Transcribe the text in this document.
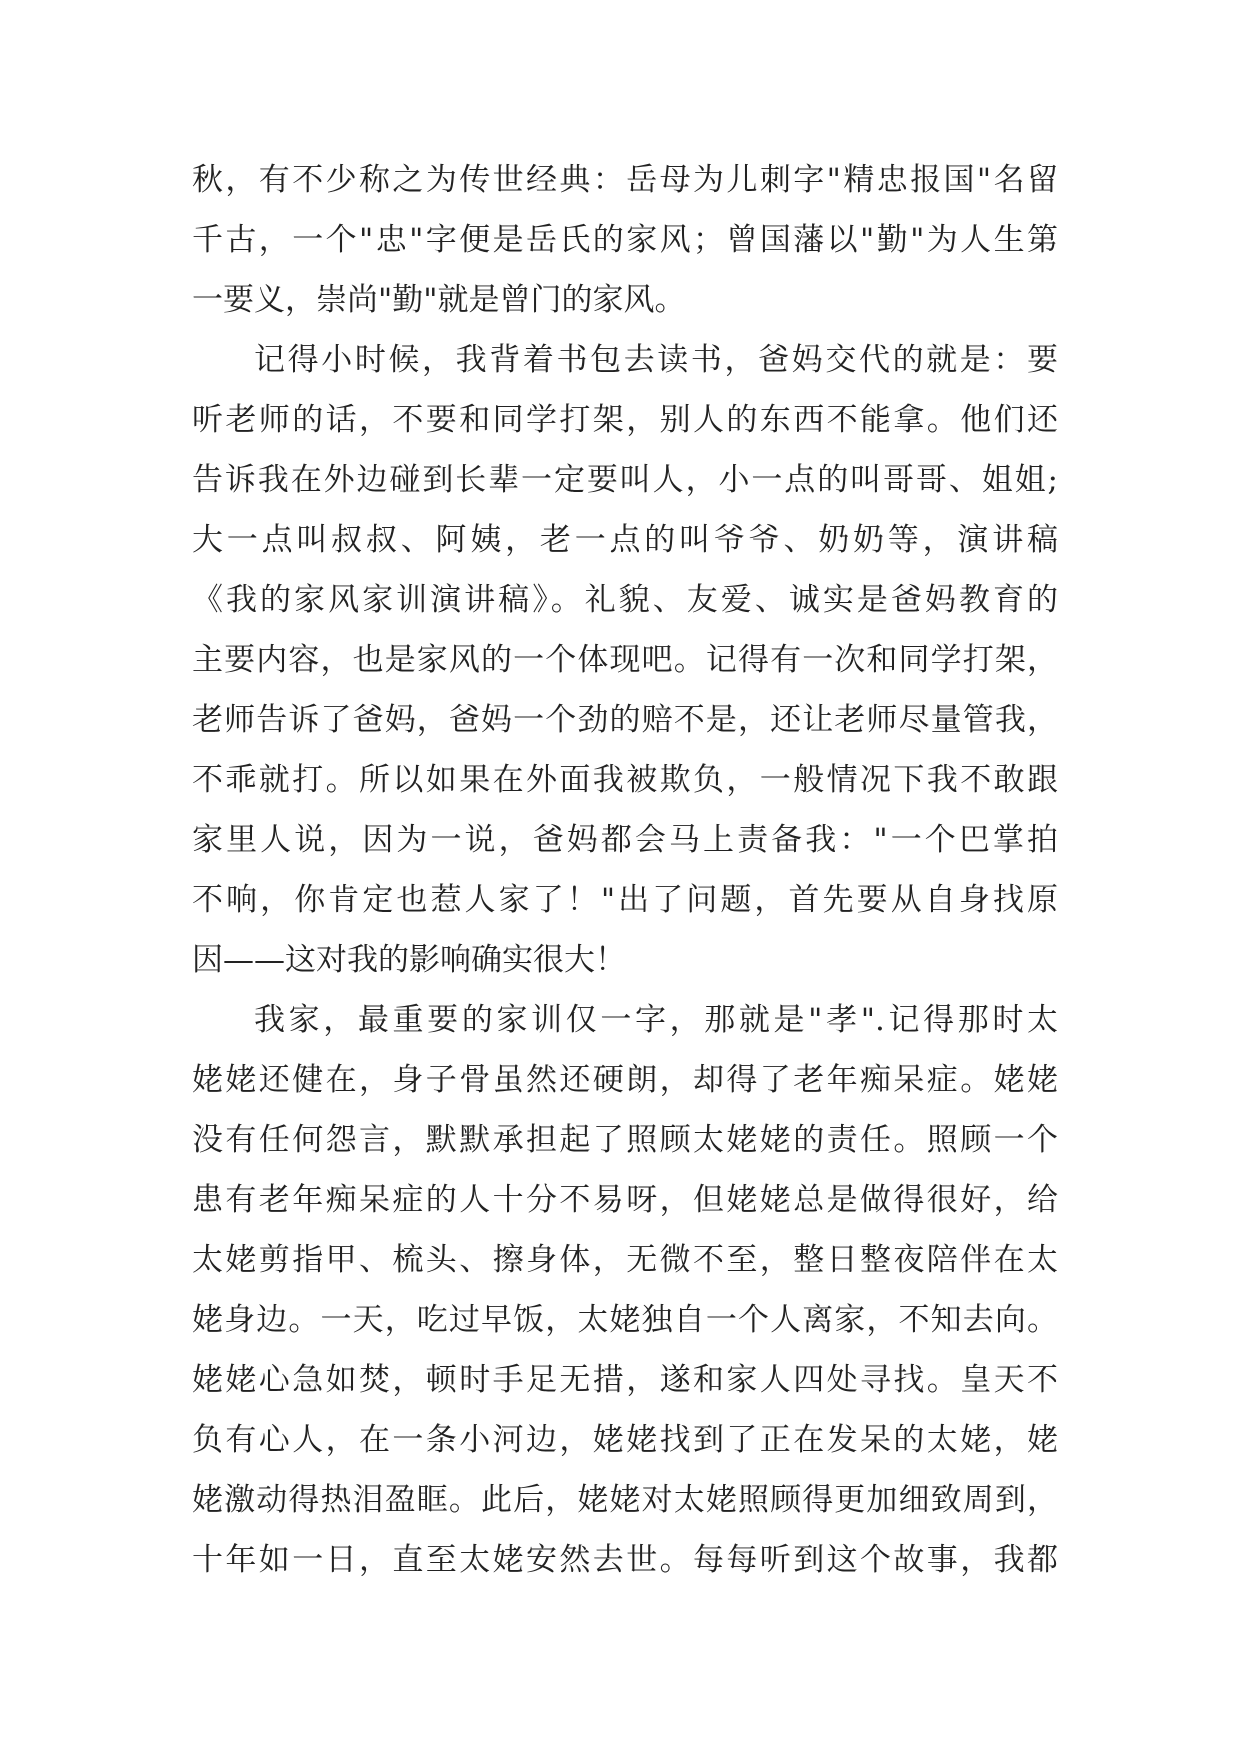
秋，有不少称之为传世经典：岳母为儿刺字"精忠报国"名留
千古，一个"忠"字便是岳氏的家风；曾国藩以"勤"为人生第
一要义，崇尚"勤"就是曾门的家风。
记得小时候，我背着书包去读书，爸妈交代的就是：要
听老师的话，不要和同学打架，别人的东西不能拿。他们还
告诉我在外边碰到长辈一定要叫人，小一点的叫哥哥、姐姐;
大一点叫叔叔、阿姨，老一点的叫爷爷、奶奶等，演讲稿
《我的家风家训演讲稿》。礼貌、友爱、诚实是爸妈教育的
主要内容，也是家风的一个体现吧。记得有一次和同学打架，
老师告诉了爸妈，爸妈一个劲的赔不是，还让老师尽量管我，
不乖就打。所以如果在外面我被欺负，一般情况下我不敢跟
家里人说，因为一说，爸妈都会马上责备我："一个巴掌拍
不响，你肯定也惹人家了！"出了问题，首先要从自身找原
因——这对我的影响确实很大！
我家，最重要的家训仅一字，那就是"孝".记得那时太
姥姥还健在，身子骨虽然还硬朗，却得了老年痴呆症。姥姥
没有任何怨言，默默承担起了照顾太姥姥的责任。照顾一个
患有老年痴呆症的人十分不易呀，但姥姥总是做得很好，给
太姥剪指甲、梳头、擦身体，无微不至，整日整夜陪伴在太
姥身边。一天，吃过早饭，太姥独自一个人离家，不知去向。
姥姥心急如焚，顿时手足无措，遂和家人四处寻找。皇天不
负有心人，在一条小河边，姥姥找到了正在发呆的太姥，姥
姥激动得热泪盈眶。此后，姥姥对太姥照顾得更加细致周到，
十年如一日，直至太姥安然去世。每每听到这个故事，我都
